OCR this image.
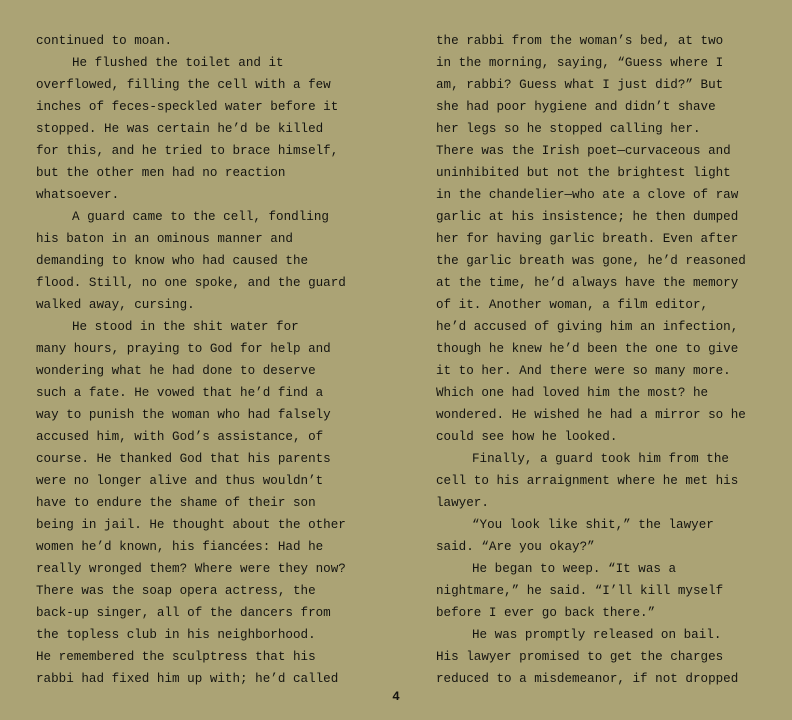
continued to moan.
He flushed the toilet and it
overflowed, filling the cell with a few
inches of feces-speckled water before it
stopped. He was certain he’d be killed
for this, and he tried to brace himself,
but the other men had no reaction
whatsoever.
A guard came to the cell, fondling
his baton in an ominous manner and
demanding to know who had caused the
flood. Still, no one spoke, and the guard
walked away, cursing.
He stood in the shit water for
many hours, praying to God for help and
wondering what he had done to deserve
such a fate. He vowed that he’d find a
way to punish the woman who had falsely
accused him, with God’s assistance, of
course. He thanked God that his parents
were no longer alive and thus wouldn’t
have to endure the shame of their son
being in jail. He thought about the other
women he’d known, his fiancées: Had he
really wronged them? Where were they now?
There was the soap opera actress, the
back-up singer, all of the dancers from
the topless club in his neighborhood.
He remembered the sculptress that his
rabbi had fixed him up with; he’d called
the rabbi from the woman’s bed, at two
in the morning, saying, “Guess where I
am, rabbi? Guess what I just did?” But
she had poor hygiene and didn’t shave
her legs so he stopped calling her.
There was the Irish poet—curvaceous and
uninhibited but not the brightest light
in the chandelier—who ate a clove of raw
garlic at his insistence; he then dumped
her for having garlic breath. Even after
the garlic breath was gone, he’d reasoned
at the time, he’d always have the memory
of it. Another woman, a film editor,
he’d accused of giving him an infection,
though he knew he’d been the one to give
it to her. And there were so many more.
Which one had loved him the most? he
wondered. He wished he had a mirror so he
could see how he looked.
Finally, a guard took him from the
cell to his arraignment where he met his
lawyer.
“You look like shit,” the lawyer
said. “Are you okay?”
He began to weep. “It was a
nightmare,” he said. “I’ll kill myself
before I ever go back there.”
He was promptly released on bail.
His lawyer promised to get the charges
reduced to a misdemeanor, if not dropped
4
